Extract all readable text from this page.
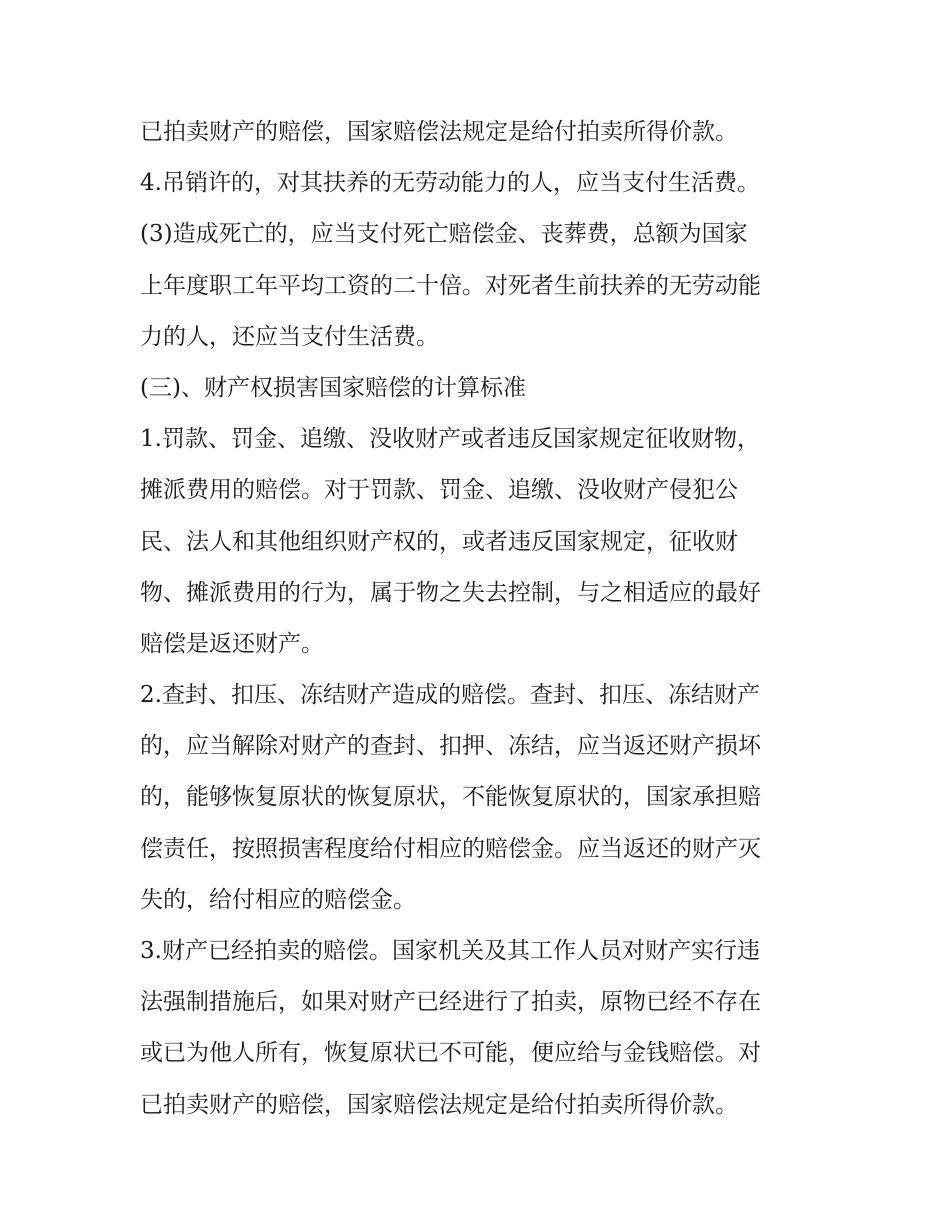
已拍卖财产的赔偿，国家赔偿法规定是给付拍卖所得价款。
4.吊销许的，对其扶养的无劳动能力的人，应当支付生活费。
(3)造成死亡的，应当支付死亡赔偿金、丧葬费，总额为国家
上年度职工年平均工资的二十倍。对死者生前扶养的无劳动能
力的人，还应当支付生活费。
(三)、财产权损害国家赔偿的计算标准
1.罚款、罚金、追缴、没收财产或者违反国家规定征收财物，
摊派费用的赔偿。对于罚款、罚金、追缴、没收财产侵犯公
民、法人和其他组织财产权的，或者违反国家规定，征收财
物、摊派费用的行为，属于物之失去控制，与之相适应的最好
赔偿是返还财产。
2.查封、扣压、冻结财产造成的赔偿。查封、扣压、冻结财产
的，应当解除对财产的查封、扣押、冻结，应当返还财产损坏
的，能够恢复原状的恢复原状，不能恢复原状的，国家承担赔
偿责任，按照损害程度给付相应的赔偿金。应当返还的财产灭
失的，给付相应的赔偿金。
3.财产已经拍卖的赔偿。国家机关及其工作人员对财产实行违
法强制措施后，如果对财产已经进行了拍卖，原物已经不存在
或已为他人所有，恢复原状已不可能，便应给与金钱赔偿。对
已拍卖财产的赔偿，国家赔偿法规定是给付拍卖所得价款。
